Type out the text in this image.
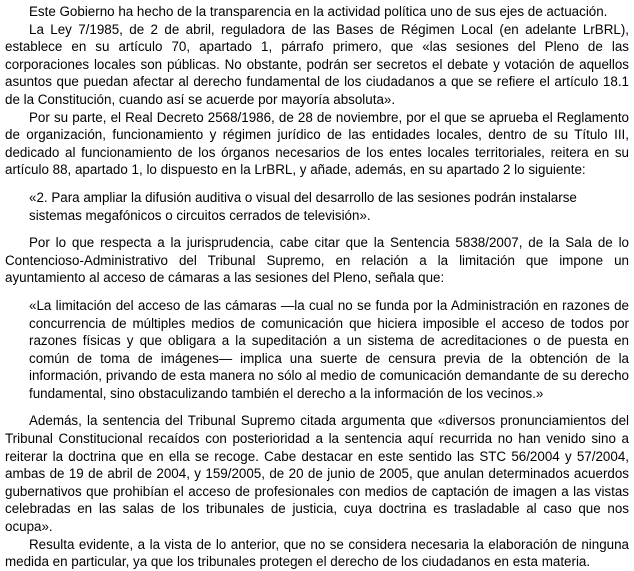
Este Gobierno ha hecho de la transparencia en la actividad política uno de sus ejes de actuación.

La Ley 7/1985, de 2 de abril, reguladora de las Bases de Régimen Local (en adelante LrBRL), establece en su artículo 70, apartado 1, párrafo primero, que «las sesiones del Pleno de las corporaciones locales son públicas. No obstante, podrán ser secretos el debate y votación de aquellos asuntos que puedan afectar al derecho fundamental de los ciudadanos a que se refiere el artículo 18.1 de la Constitución, cuando así se acuerde por mayoría absoluta».

Por su parte, el Real Decreto 2568/1986, de 28 de noviembre, por el que se aprueba el Reglamento de organización, funcionamiento y régimen jurídico de las entidades locales, dentro de su Título III, dedicado al funcionamiento de los órganos necesarios de los entes locales territoriales, reitera en su artículo 88, apartado 1, lo dispuesto en la LrBRL, y añade, además, en su apartado 2 lo siguiente:

«2. Para ampliar la difusión auditiva o visual del desarrollo de las sesiones podrán instalarse sistemas megafónicos o circuitos cerrados de televisión».

Por lo que respecta a la jurisprudencia, cabe citar que la Sentencia 5838/2007, de la Sala de lo Contencioso-Administrativo del Tribunal Supremo, en relación a la limitación que impone un ayuntamiento al acceso de cámaras a las sesiones del Pleno, señala que:

«La limitación del acceso de las cámaras —la cual no se funda por la Administración en razones de concurrencia de múltiples medios de comunicación que hiciera imposible el acceso de todos por razones físicas y que obligara a la supeditación a un sistema de acreditaciones o de puesta en común de toma de imágenes— implica una suerte de censura previa de la obtención de la información, privando de esta manera no sólo al medio de comunicación demandante de su derecho fundamental, sino obstaculizando también el derecho a la información de los vecinos.»

Además, la sentencia del Tribunal Supremo citada argumenta que «diversos pronunciamientos del Tribunal Constitucional recaídos con posterioridad a la sentencia aquí recurrida no han venido sino a reiterar la doctrina que en ella se recoge. Cabe destacar en este sentido las STC 56/2004 y 57/2004, ambas de 19 de abril de 2004, y 159/2005, de 20 de junio de 2005, que anulan determinados acuerdos gubernativos que prohibían el acceso de profesionales con medios de captación de imagen a las vistas celebradas en las salas de los tribunales de justicia, cuya doctrina es trasladable al caso que nos ocupa».

Resulta evidente, a la vista de lo anterior, que no se considera necesaria la elaboración de ninguna medida en particular, ya que los tribunales protegen el derecho de los ciudadanos en esta materia.
